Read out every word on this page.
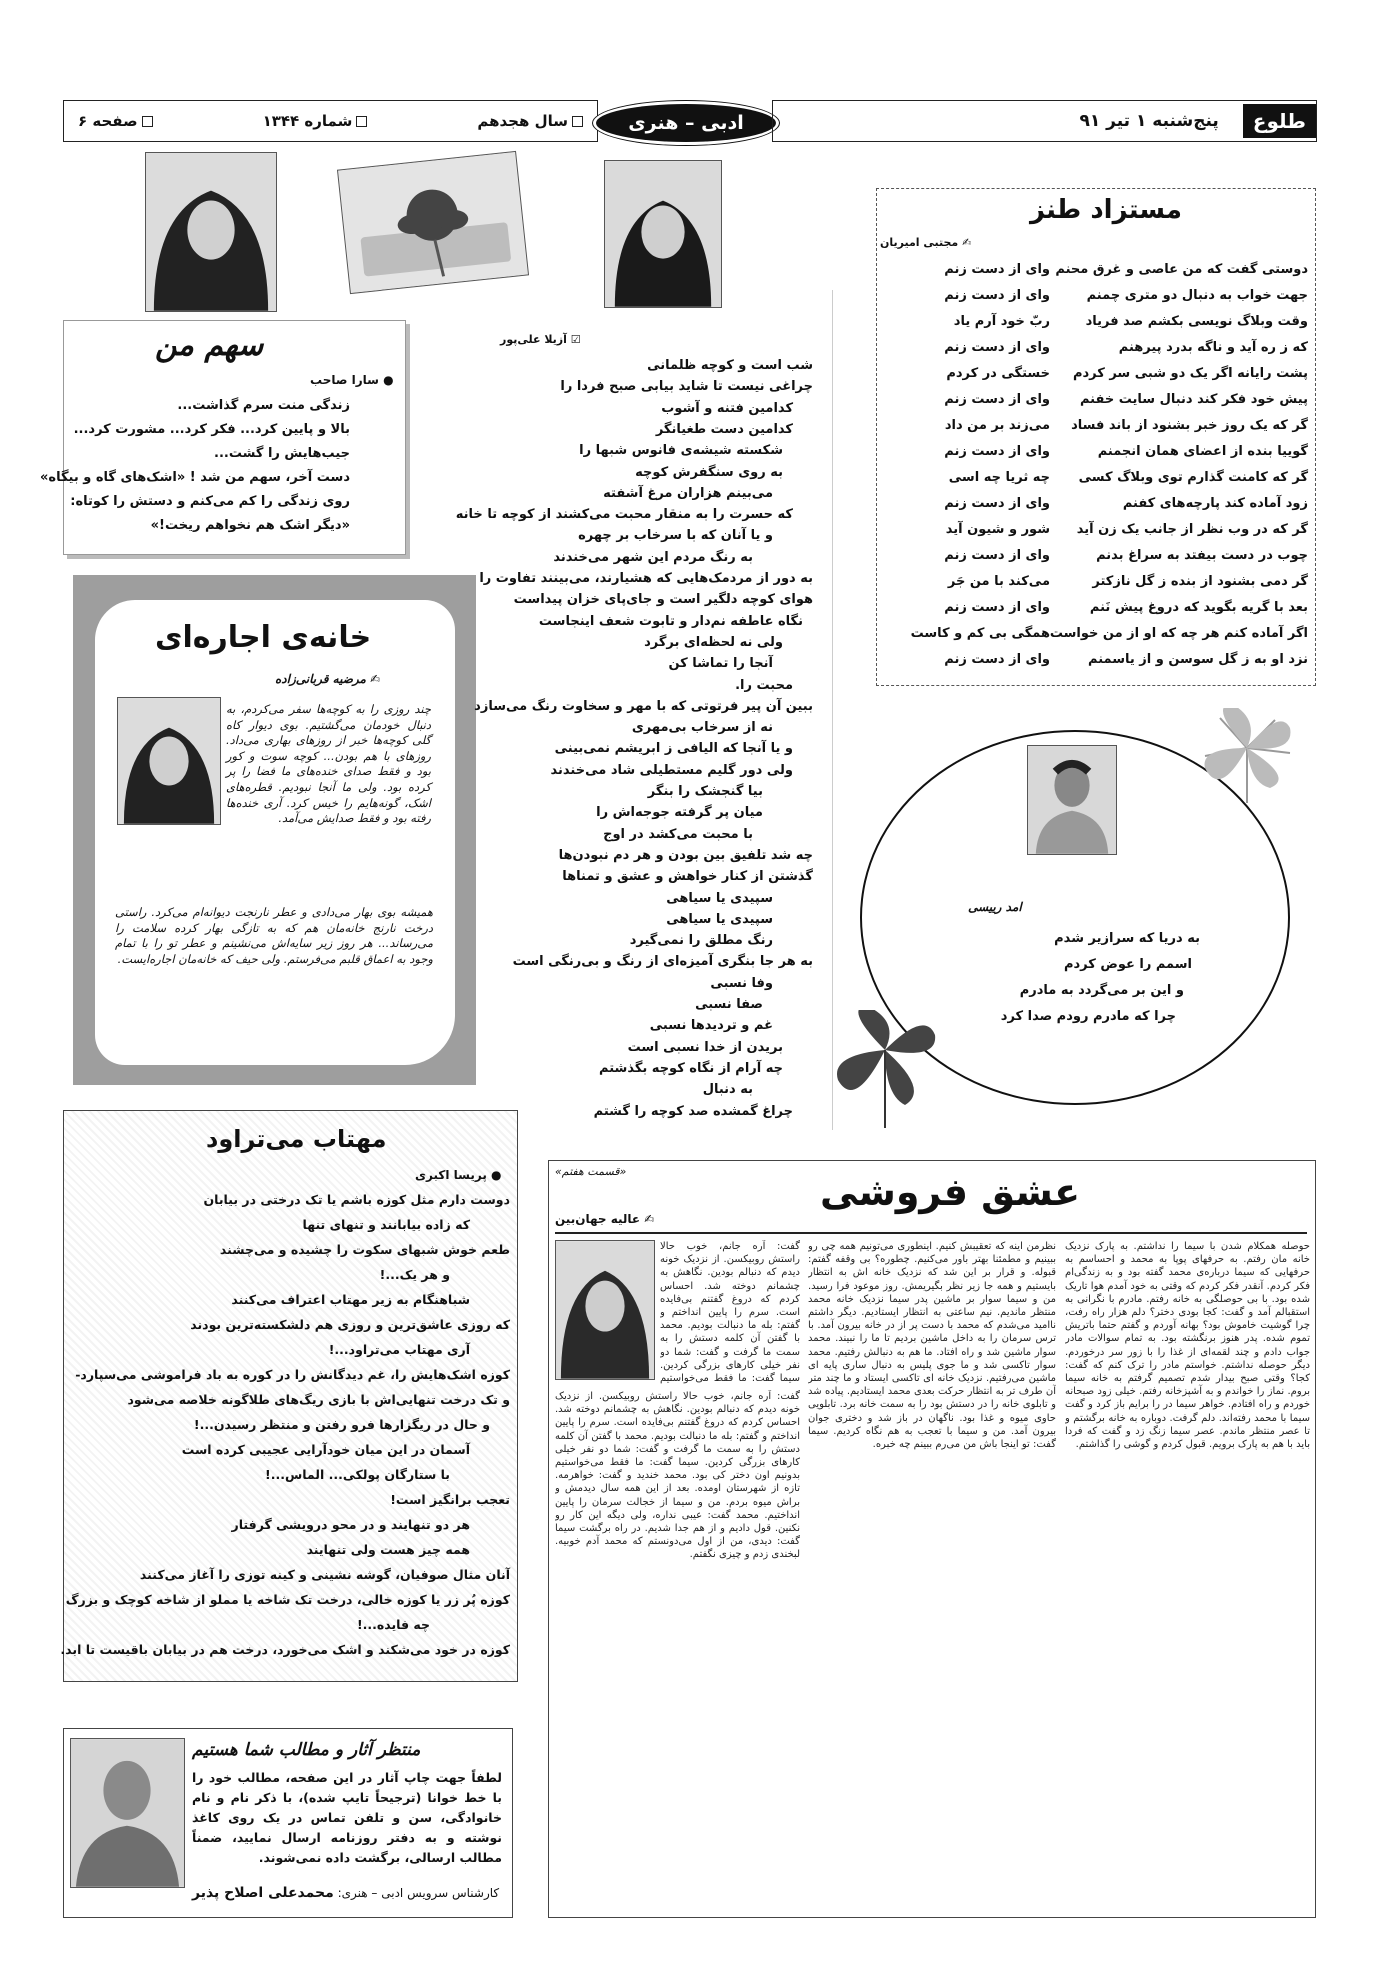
سال هجدهم
شماره ۱۳۴۴
صفحه ۶	ادبی – هنری	طلوع
پنج‌شنبه ۱ تیر ۹۱
مستزاد طنز
✍ مجتبی امیریان
☑ آزیلا علی‌پور
سهم من
● سارا صاحب
خانه‌ی اجاره‌ای
✍ مرضیه قربانی‌زاده
چند روزی را به کوچه‌ها سفر می‌کردم، به دنبال خودمان می‌گشتیم. بوی دیوار کاه گلی کوچه‌ها خبر از روزهای بهاری می‌داد. روزهای با هم بودن... کوچه سوت و کور بود و فقط صدای خنده‌های ما فضا را پر کرده بود. ولی ما آنجا نبودیم. قطره‌های اشک، گونه‌هایم را خیس کرد. آری خنده‌ها رفته بود و فقط صدایش می‌آمد.
همیشه بوی بهار می‌دادی و عطر نارنجت دیوانه‌ام می‌کرد. راستی درخت نارنج خانه‌مان هم که به تازگی بهار کرده سلامت را می‌رساند... هر روز زیر سایه‌اش می‌نشینم و عطر تو را با تمام وجود به اعماق قلبم می‌فرستم. ولی حیف که خانه‌مان اجاره‌ایست.
امد رییسی
مهتاب می‌تراود
● پریسا اکبری
منتظر آثار و مطالب شما هستیم
لطفاً جهت چاپ آثار در این صفحه، مطالب خود را با خط خوانا (ترجیحاً تایپ شده)، با ذکر نام و نام خانوادگی، سن و تلفن تماس در یک روی کاغذ نوشته و به دفتر روزنامه ارسال نمایید، ضمناً مطالب ارسالی، برگشت داده نمی‌شوند.
کارشناس سرویس ادبی – هنری: محمدعلی اصلاح پذیر
عشق فروشی
«قسمت هفتم»
✍ عالیه جهان‌بین

حوصله همکلام شدن با سیما را نداشتم. به پارک نزدیک خانه مان رفتم. به حرفهای پوپا به محمد و احساسم به حرفهایی که سیما درباره‌ی محمد گفته بود و به زندگی‌ام فکر کردم. آنقدر فکر کردم که وقتی به خود آمدم هوا تاریک شده بود. با بی حوصلگی به خانه رفتم. مادرم با نگرانی به استقبالم آمد و گفت: کجا بودی دختر؟ دلم هزار راه رفت، چرا گوشیت خاموش بود؟ بهانه آوردم و گفتم حتما باتریش تموم شده. پدر هنوز برنگشته بود. به تمام سوالات مادر جواب دادم و چند لقمه‌ای از غذا را با زور سر درخوردم. دیگر حوصله نداشتم. خواستم مادر را ترک کنم که گفت: کجا؟ وقتی صبح بیدار شدم تصمیم گرفتم به خانه سیما بروم. نماز را خواندم و به آشپزخانه رفتم. خیلی زود صبحانه خوردم و راه افتادم. خواهر سیما در را برایم باز کرد و گفت سیما با محمد رفته‌اند. دلم گرفت. دوباره به خانه برگشتم و تا عصر منتظر ماندم. عصر سیما زنگ زد و گفت که فردا باید با هم به پارک برویم. قبول کردم و گوشی را گذاشتم.

نظرمن اینه که تعقیبش کنیم. اینطوری می‌تونیم همه چی رو ببینیم و مطمئنا بهتر باور می‌کنیم. چطوره؟ بی وقفه گفتم: قبوله. و قرار بر این شد که نزدیک خانه اش به انتظار بایستیم و همه جا زیر نظر بگیریمش. روز موعود فرا رسید. من و سیما سوار بر ماشین پدر سیما نزدیک خانه محمد منتظر ماندیم. نیم ساعتی به انتظار ایستادیم. دیگر داشتم ناامید می‌شدم که محمد با دست پر از در خانه بیرون آمد. با ترس سرمان را به داخل ماشین بردیم تا ما را نبیند. محمد سوار ماشین شد و راه افتاد. ما هم به دنبالش رفتیم. محمد سوار تاکسی شد و ما جوی پلیس به دنبال ساری پایه ای ماشین می‌رفتیم. نزدیک خانه ای تاکسی ایستاد و ما چند متر آن طرف تر به انتظار حرکت بعدی محمد ایستادیم. پیاده شد و تابلوی خانه را در دستش بود را به سمت خانه برد. تابلویی حاوی میوه و غذا بود. ناگهان در باز شد و دختری جوان بیرون آمد. من و سیما با تعجب به هم نگاه کردیم. سیما گفت: تو اینجا باش من می‌رم ببینم چه خبره.

گفت: آره جانم، خوب حالا راستش روبیکسن. از نزدیک خونه دیدم که دنبالم بودین. نگاهش به چشمانم دوخته شد. احساس کردم که دروغ گفتنم بی‌فایده است. سرم را پایین انداختم و گفتم: بله ما دنبالت بودیم. محمد با گفتن آن کلمه دستش را به سمت ما گرفت و گفت: شما دو نفر خیلی کارهای بزرگی کردین. سیما گفت: ما فقط می‌خواستیم بدونیم اون دختر کی بود. محمد خندید و گفت: خواهرمه. تازه از شهرستان اومده. بعد از این همه سال دیدمش و براش میوه بردم. من و سیما از خجالت سرمان را پایین انداختیم. محمد گفت: عیبی نداره، ولی دیگه این کار رو نکنین. قول دادیم و از هم جدا شدیم. در راه برگشت سیما گفت: دیدی، من از اول می‌دونستم که محمد آدم خوبیه. لبخندی زدم و چیزی نگفتم.

گفت: آره جانم، خوب حالا راستش روبیکسن. از نزدیک خونه دیدم که دنبالم بودین. نگاهش به چشمانم دوخته شد. احساس کردم که دروغ گفتنم بی‌فایده است. سرم را پایین انداختم و گفتم: بله ما دنبالت بودیم. محمد با گفتن آن کلمه دستش را به سمت ما گرفت و گفت: شما دو نفر خیلی کارهای بزرگی کردین. سیما گفت: ما فقط می‌خواستیم

دوستی گفت که من عاصی و غرق محنم
وای از دست زنم
جهت خواب به دنبال دو متری چمنم
وای از دست زنم
وقت وبلاگ نویسی بکشم صد فریاد
ربّ خود آرم یاد
که ز ره آید و ناگه بدرد پیرهنم
وای از دست زنم
پشت رایانه اگر یک دو شبی سر کردم
خستگی در کردم
پیش خود فکر کند دنبال سایت خفنم
وای از دست زنم
گر که یک روز خبر بشنود از باند فساد
می‌زند بر من داد
گوییا بنده از اعضای همان انجمنم
وای از دست زنم
گر که کامنت گذارم توی وبلاگ کسی
چه ثریا چه اسی
زود آماده کند پارچه‌های کفنم
وای از دست زنم
گر که در وب نظر از جانب یک زن آید
شور و شیون آید
چوب در دست بیفتد به سراغ بدنم
وای از دست زنم
گر دمی بشنود از بنده ز گل نازکتر
می‌کند با من جَر
بعد با گریه بگوید که دروغ پیش نَنم
وای از دست زنم
اگر آماده کنم هر چه که او از من خواست
همگی بی کم و کاست
نزد او به ز گل سوسن و از یاسمنم
وای از دست زنم
شب است و کوچه ظلمانی
چراغی نیست تا شاید بیابی صبح فردا را
کدامین فتنه و آشوب
کدامین دست طغیانگر
شکسته شیشه‌ی فانوس شبها را
به روی سنگفرش کوچه
می‌بینم هزاران مرغ آشفته
که حسرت را به منقار محبت می‌کشند از کوچه تا خانه
و یا آنان که با سرخاب بر چهره
به رنگ مردم این شهر می‌خندند
به دور از مردمک‌هایی که هشیارند، می‌بینند تفاوت را
هوای کوچه دلگیر است و جای‌پای خزان پیداست
نگاه عاطفه نم‌دار و تابوت شعف اینجاست
ولی نه لحظه‌ای برگرد
آنجا را تماشا کن
محبت را.
ببین آن پیر فرتوتی که با مهر و سخاوت رنگ می‌سازد
نه از سرخاب بی‌مهری
و یا آنجا که الیافی ز ابریشم نمی‌بینی
ولی دور گلیم مستطیلی شاد می‌خندند
بیا گنجشک را بنگر
میان پر گرفته جوجه‌اش را
با محبت می‌کشد در اوج
چه شد تلفیق بین بودن و هر دم نبودن‌ها
گذشتن از کنار خواهش و عشق و تمناها
سپیدی یا سیاهی
سپیدی یا سیاهی
رنگ مطلق را نمی‌گیرد
به هر جا بنگری آمیزه‌ای از رنگ و بی‌رنگی است
وفا نسبی
صفا نسبی
غم و تردیدها نسبی
بریدن از خدا نسبی است
چه آرام از نگاه کوچه بگذشتم
به دنبال
چراغ گمشده صد کوچه را گشتم
زندگی منت سرم گذاشت...
بالا و پایین کرد... فکر کرد... مشورت کرد...
جیب‌هایش را گشت...
دست آخر، سهم من شد ! «اشک‌های گاه و بیگاه»
روی زندگی را کم می‌کنم و دستش را کوتاه:
«دیگر اشک هم نخواهم ریخت!»
به دریا که سرازیر شدم
اسمم را عوض کردم
و این بر می‌گردد به مادرم
چرا که مادرم رودم صدا کرد
دوست دارم مثل کوزه باشم یا تک درختی در بیابان
که زاده بیابانند و تنهای تنها
طعم خوش شبهای سکوت را چشیده و می‌چشند
و هر یک...!
شباهنگام به زیر مهتاب اعتراف می‌کنند
که روزی عاشق‌ترین و روزی هم دلشکسته‌ترین بودند
آری مهتاب می‌تراود...!
کوزه اشک‌هایش را، غم دیدگانش را در کوره به باد فراموشی می‌سپارد-
و تک درخت تنهایی‌اش با بازی ریگ‌های طلاگونه خلاصه می‌شود
و حال در ریگزارها فرو رفتن و منتظر رسیدن...!
آسمان در این میان خودآرایی عجیبی کرده است
با ستارگان پولکی... الماس...!
تعجب برانگیز است!
هر دو تنهایند و در محو درویشی گرفتار
همه چیز هست ولی تنهایند
آنان مثال صوفیان، گوشه نشینی و کینه توزی را آغاز می‌کنند
کوزه پُر زر یا کوزه خالی، درخت تک شاخه یا مملو از شاخه کوچک و بزرگ
چه فایده...!
کوزه در خود می‌شکند و اشک می‌خورد، درخت هم در بیابان باقیست تا ابد.
